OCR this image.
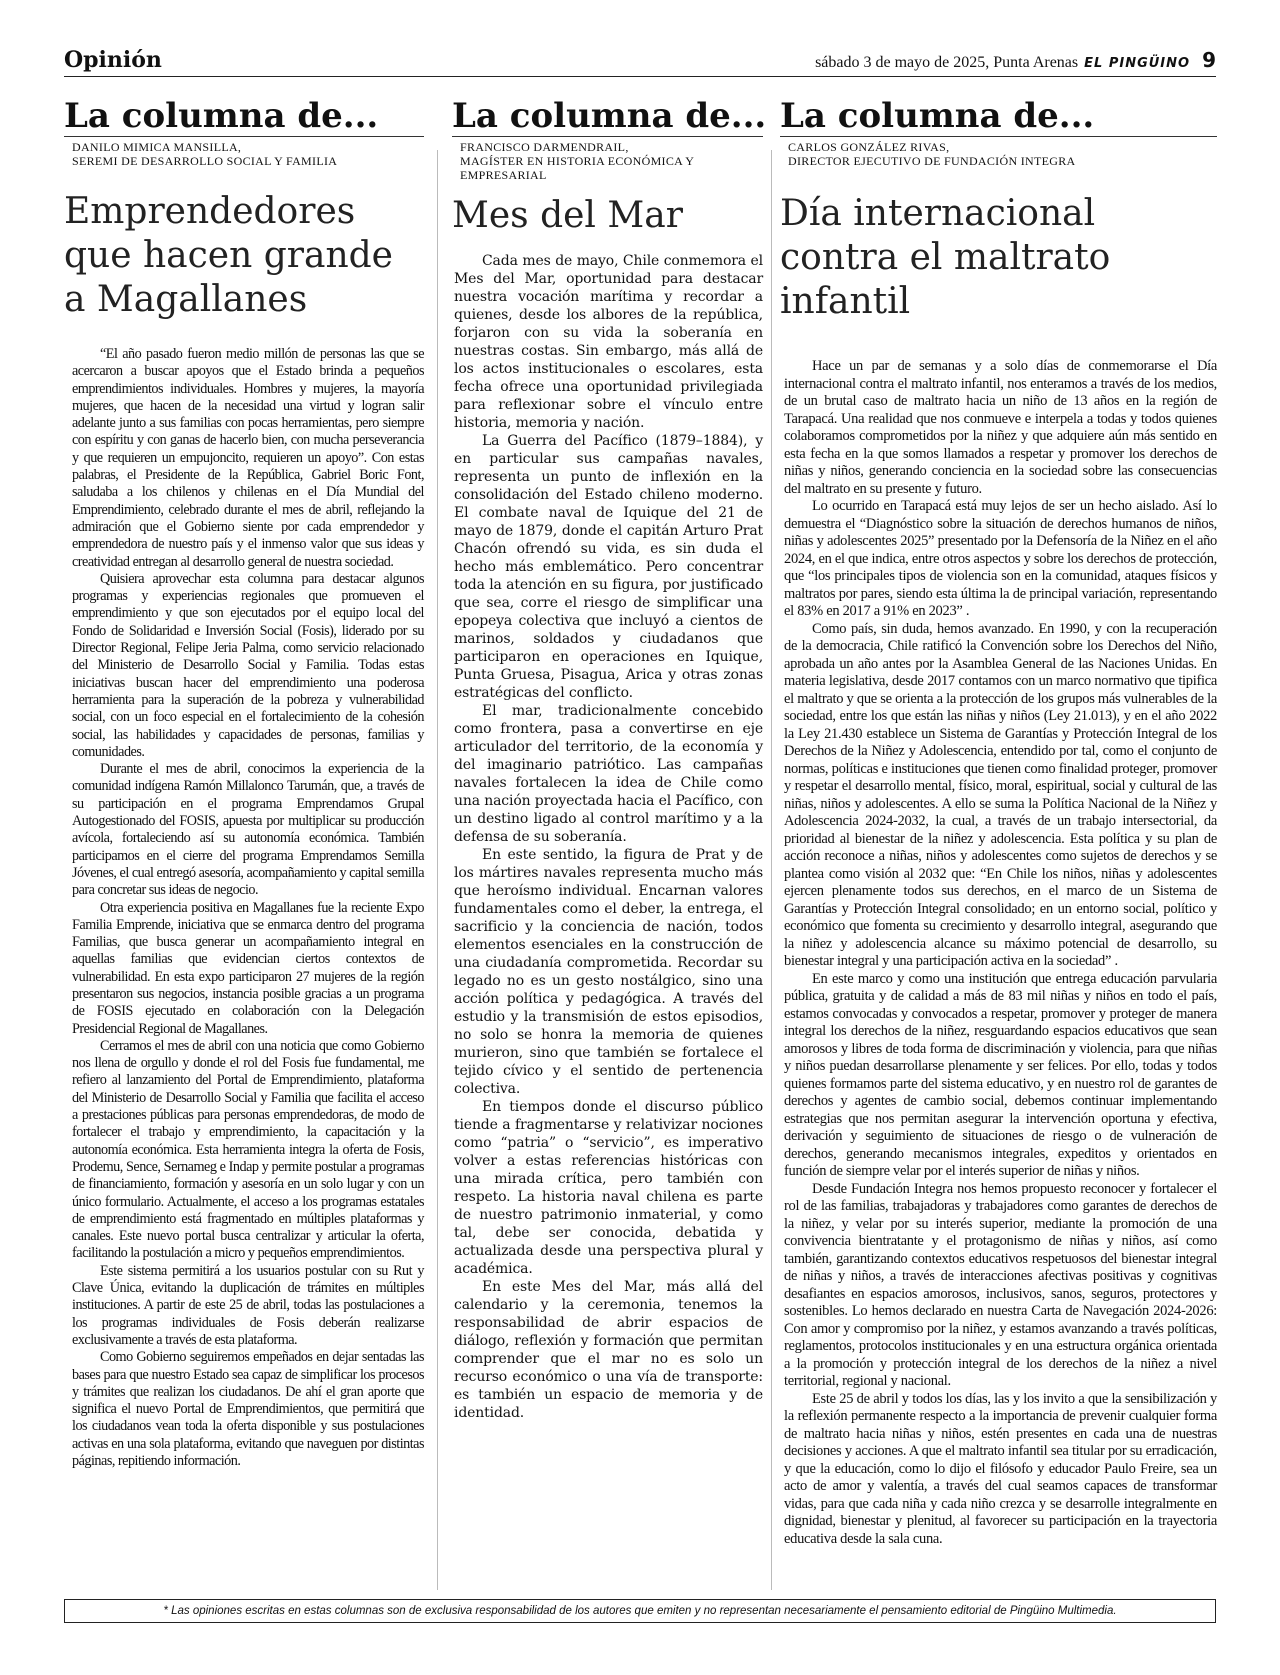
Opinión	sábado 3 de mayo de 2025, Punta Arenas EL PINGÜINO 9
La columna de...
DANILO MIMICA MANSILLA,
SEREMI DE DESARROLLO SOCIAL Y FAMILIA
Emprendedores que hacen grande a Magallanes

“El año pasado fueron medio millón de personas las que se acercaron a buscar apoyos que el Estado brinda a pequeños emprendimientos individuales. Hombres y mujeres, la mayoría mujeres, que hacen de la necesidad una virtud y logran salir adelante junto a sus familias con pocas herramientas, pero siempre con espíritu y con ganas de hacerlo bien, con mucha perseverancia y que requieren un empujoncito, requieren un apoyo”. Con estas palabras, el Presidente de la República, Gabriel Boric Font, saludaba a los chilenos y chilenas en el Día Mundial del Emprendimiento, celebrado durante el mes de abril, reflejando la admiración que el Gobierno siente por cada emprendedor y emprendedora de nuestro país y el inmenso valor que sus ideas y creatividad entregan al desarrollo general de nuestra sociedad.

Quisiera aprovechar esta columna para destacar algunos programas y experiencias regionales que promueven el emprendimiento y que son ejecutados por el equipo local del Fondo de Solidaridad e Inversión Social (Fosis), liderado por su Director Regional, Felipe Jeria Palma, como servicio relacionado del Ministerio de Desarrollo Social y Familia. Todas estas iniciativas buscan hacer del emprendimiento una poderosa herramienta para la superación de la pobreza y vulnerabilidad social, con un foco especial en el fortalecimiento de la cohesión social, las habilidades y capacidades de personas, familias y comunidades.

Durante el mes de abril, conocimos la experiencia de la comunidad indígena Ramón Millalonco Tarumán, que, a través de su participación en el programa Emprendamos Grupal Autogestionado del FOSIS, apuesta por multiplicar su producción avícola, fortaleciendo así su autonomía económica. También participamos en el cierre del programa Emprendamos Semilla Jóvenes, el cual entregó asesoría, acompañamiento y capital semilla para concretar sus ideas de negocio.

Otra experiencia positiva en Magallanes fue la reciente Expo Familia Emprende, iniciativa que se enmarca dentro del programa Familias, que busca generar un acompañamiento integral en aquellas familias que evidencian ciertos contextos de vulnerabilidad. En esta expo participaron 27 mujeres de la región presentaron sus negocios, instancia posible gracias a un programa de FOSIS ejecutado en colaboración con la Delegación Presidencial Regional de Magallanes.

Cerramos el mes de abril con una noticia que como Gobierno nos llena de orgullo y donde el rol del Fosis fue fundamental, me refiero al lanzamiento del Portal de Emprendimiento, plataforma del Ministerio de Desarrollo Social y Familia que facilita el acceso a prestaciones públicas para personas emprendedoras, de modo de fortalecer el trabajo y emprendimiento, la capacitación y la autonomía económica. Esta herramienta integra la oferta de Fosis, Prodemu, Sence, Sernameg e Indap y permite postular a programas de financiamiento, formación y asesoría en un solo lugar y con un único formulario. Actualmente, el acceso a los programas estatales de emprendimiento está fragmentado en múltiples plataformas y canales. Este nuevo portal busca centralizar y articular la oferta, facilitando la postulación a micro y pequeños emprendimientos.

Este sistema permitirá a los usuarios postular con su Rut y Clave Única, evitando la duplicación de trámites en múltiples instituciones. A partir de este 25 de abril, todas las postulaciones a los programas individuales de Fosis deberán realizarse exclusivamente a través de esta plataforma.

Como Gobierno seguiremos empeñados en dejar sentadas las bases para que nuestro Estado sea capaz de simplificar los procesos y trámites que realizan los ciudadanos. De ahí el gran aporte que significa el nuevo Portal de Emprendimientos, que permitirá que los ciudadanos vean toda la oferta disponible y sus postulaciones activas en una sola plataforma, evitando que naveguen por distintas páginas, repitiendo información.

La columna de...
FRANCISCO DARMENDRAIL,
MAGÍSTER EN HISTORIA ECONÓMICA Y EMPRESARIAL
Mes del Mar

Cada mes de mayo, Chile conmemora el Mes del Mar, oportunidad para destacar nuestra vocación marítima y recordar a quienes, desde los albores de la república, forjaron con su vida la soberanía en nuestras costas. Sin embargo, más allá de los actos institucionales o escolares, esta fecha ofrece una oportunidad privilegiada para reflexionar sobre el vínculo entre historia, memoria y nación.

La Guerra del Pacífico (1879–1884), y en particular sus campañas navales, representa un punto de inflexión en la consolidación del Estado chileno moderno. El combate naval de Iquique del 21 de mayo de 1879, donde el capitán Arturo Prat Chacón ofrendó su vida, es sin duda el hecho más emblemático. Pero concentrar toda la atención en su figura, por justificado que sea, corre el riesgo de simplificar una epopeya colectiva que incluyó a cientos de marinos, soldados y ciudadanos que participaron en operaciones en Iquique, Punta Gruesa, Pisagua, Arica y otras zonas estratégicas del conflicto.

El mar, tradicionalmente concebido como frontera, pasa a convertirse en eje articulador del territorio, de la economía y del imaginario patriótico. Las campañas navales fortalecen la idea de Chile como una nación proyectada hacia el Pacífico, con un destino ligado al control marítimo y a la defensa de su soberanía.

En este sentido, la figura de Prat y de los mártires navales representa mucho más que heroísmo individual. Encarnan valores fundamentales como el deber, la entrega, el sacrificio y la conciencia de nación, todos elementos esenciales en la construcción de una ciudadanía comprometida. Recordar su legado no es un gesto nostálgico, sino una acción política y pedagógica. A través del estudio y la transmisión de estos episodios, no solo se honra la memoria de quienes murieron, sino que también se fortalece el tejido cívico y el sentido de pertenencia colectiva.

En tiempos donde el discurso público tiende a fragmentarse y relativizar nociones como “patria” o “servicio”, es imperativo volver a estas referencias históricas con una mirada crítica, pero también con respeto. La historia naval chilena es parte de nuestro patrimonio inmaterial, y como tal, debe ser conocida, debatida y actualizada desde una perspectiva plural y académica.

En este Mes del Mar, más allá del calendario y la ceremonia, tenemos la responsabilidad de abrir espacios de diálogo, reflexión y formación que permitan comprender que el mar no es solo un recurso económico o una vía de transporte: es también un espacio de memoria y de identidad.

La columna de...
CARLOS GONZÁLEZ RIVAS,
DIRECTOR EJECUTIVO DE FUNDACIÓN INTEGRA
Día internacional contra el maltrato infantil

Hace un par de semanas y a solo días de conmemorarse el Día internacional contra el maltrato infantil, nos enteramos a través de los medios, de un brutal caso de maltrato hacia un niño de 13 años en la región de Tarapacá. Una realidad que nos conmueve e interpela a todas y todos quienes colaboramos comprometidos por la niñez y que adquiere aún más sentido en esta fecha en la que somos llamados a respetar y promover los derechos de niñas y niños, generando conciencia en la sociedad sobre las consecuencias del maltrato en su presente y futuro.

Lo ocurrido en Tarapacá está muy lejos de ser un hecho aislado. Así lo demuestra el “Diagnóstico sobre la situación de derechos humanos de niños, niñas y adolescentes 2025” presentado por la Defensoría de la Niñez en el año 2024, en el que indica, entre otros aspectos y sobre los derechos de protección, que “los principales tipos de violencia son en la comunidad, ataques físicos y maltratos por pares, siendo esta última la de principal variación, representando el 83% en 2017 a 91% en 2023” .

Como país, sin duda, hemos avanzado. En 1990, y con la recuperación de la democracia, Chile ratificó la Convención sobre los Derechos del Niño, aprobada un año antes por la Asamblea General de las Naciones Unidas. En materia legislativa, desde 2017 contamos con un marco normativo que tipifica el maltrato y que se orienta a la protección de los grupos más vulnerables de la sociedad, entre los que están las niñas y niños (Ley 21.013), y en el año 2022 la Ley 21.430 establece un Sistema de Garantías y Protección Integral de los Derechos de la Niñez y Adolescencia, entendido por tal, como el conjunto de normas, políticas e instituciones que tienen como finalidad proteger, promover y respetar el desarrollo mental, físico, moral, espiritual, social y cultural de las niñas, niños y adolescentes. A ello se suma la Política Nacional de la Niñez y Adolescencia 2024-2032, la cual, a través de un trabajo intersectorial, da prioridad al bienestar de la niñez y adolescencia. Esta política y su plan de acción reconoce a niñas, niños y adolescentes como sujetos de derechos y se plantea como visión al 2032 que: “En Chile los niños, niñas y adolescentes ejercen plenamente todos sus derechos, en el marco de un Sistema de Garantías y Protección Integral consolidado; en un entorno social, político y económico que fomenta su crecimiento y desarrollo integral, asegurando que la niñez y adolescencia alcance su máximo potencial de desarrollo, su bienestar integral y una participación activa en la sociedad” .

En este marco y como una institución que entrega educación parvularia pública, gratuita y de calidad a más de 83 mil niñas y niños en todo el país, estamos convocadas y convocados a respetar, promover y proteger de manera integral los derechos de la niñez, resguardando espacios educativos que sean amorosos y libres de toda forma de discriminación y violencia, para que niñas y niños puedan desarrollarse plenamente y ser felices. Por ello, todas y todos quienes formamos parte del sistema educativo, y en nuestro rol de garantes de derechos y agentes de cambio social, debemos continuar implementando estrategias que nos permitan asegurar la intervención oportuna y efectiva, derivación y seguimiento de situaciones de riesgo o de vulneración de derechos, generando mecanismos integrales, expeditos y orientados en función de siempre velar por el interés superior de niñas y niños.

Desde Fundación Integra nos hemos propuesto reconocer y fortalecer el rol de las familias, trabajadoras y trabajadores como garantes de derechos de la niñez, y velar por su interés superior, mediante la promoción de una convivencia bientratante y el protagonismo de niñas y niños, así como también, garantizando contextos educativos respetuosos del bienestar integral de niñas y niños, a través de interacciones afectivas positivas y cognitivas desafiantes en espacios amorosos, inclusivos, sanos, seguros, protectores y sostenibles. Lo hemos declarado en nuestra Carta de Navegación 2024-2026: Con amor y compromiso por la niñez, y estamos avanzando a través políticas, reglamentos, protocolos institucionales y en una estructura orgánica orientada a la promoción y protección integral de los derechos de la niñez a nivel territorial, regional y nacional.

Este 25 de abril y todos los días, las y los invito a que la sensibilización y la reflexión permanente respecto a la importancia de prevenir cualquier forma de maltrato hacia niñas y niños, estén presentes en cada una de nuestras decisiones y acciones. A que el maltrato infantil sea titular por su erradicación, y que la educación, como lo dijo el filósofo y educador Paulo Freire, sea un acto de amor y valentía, a través del cual seamos capaces de transformar vidas, para que cada niña y cada niño crezca y se desarrolle integralmente en dignidad, bienestar y plenitud, al favorecer su participación en la trayectoria educativa desde la sala cuna.

* Las opiniones escritas en estas columnas son de exclusiva responsabilidad de los autores que emiten y no representan necesariamente el pensamiento editorial de Pingüino Multimedia.
